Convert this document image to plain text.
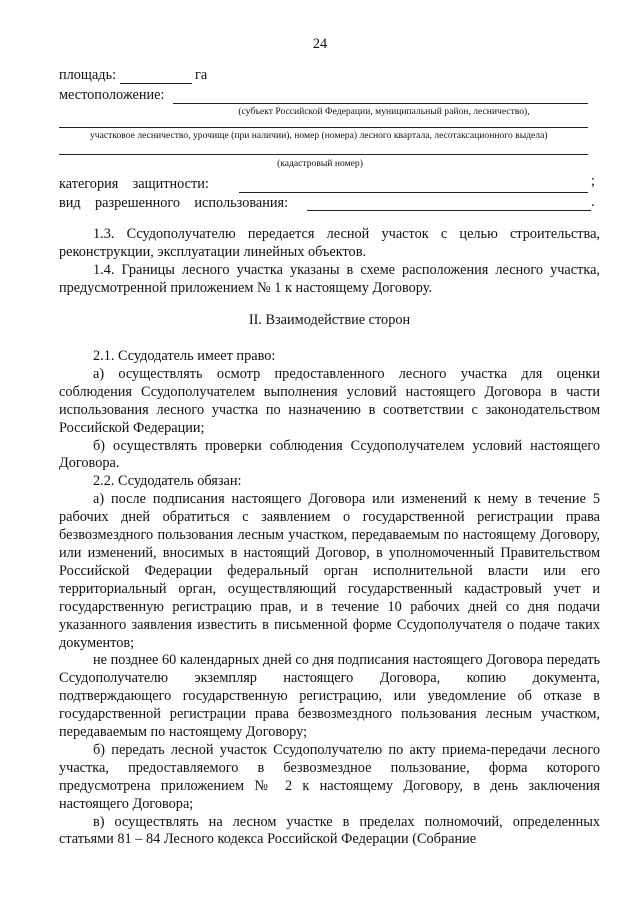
24
площадь:	га
местоположение:
(субъект Российской Федерации, муниципальный район, лесничество),
участковое лесничество, урочище (при наличии), номер (номера) лесного квартала, лесотаксационного выдела)
(кадастровый номер)
категория    защитности:	;
вид    разрешенного    использования:	.

1.3. Ссудополучателю передается лесной участок с целью строительства, реконструкции, эксплуатации линейных объектов.

1.4. Границы лесного участка указаны в схеме расположения лесного участка, предусмотренной приложением № 1 к настоящему Договору.

II. Взаимодействие сторон

2.1. Ссудодатель имеет право:

а) осуществлять осмотр предоставленного лесного участка для оценки соблюдения Ссудополучателем выполнения условий настоящего Договора в части использования лесного участка по назначению в соответствии с законодательством Российской Федерации;

б) осуществлять проверки соблюдения Ссудополучателем условий настоящего Договора.

2.2. Ссудодатель обязан:

а) после подписания настоящего Договора или изменений к нему в течение 5 рабочих дней обратиться с заявлением о государственной регистрации права безвозмездного пользования лесным участком, передаваемым по настоящему Договору, или изменений, вносимых в настоящий Договор, в уполномоченный Правительством Российской Федерации федеральный орган исполнительной власти или его территориальный орган, осуществляющий государственный кадастровый учет и государственную регистрацию прав, и в течение 10 рабочих дней со дня подачи указанного заявления известить в письменной форме Ссудополучателя о подаче таких документов;

не позднее 60 календарных дней со дня подписания настоящего Договора передать Ссудополучателю экземпляр настоящего Договора, копию документа, подтверждающего государственную регистрацию, или уведомление об отказе в государственной регистрации права безвозмездного пользования лесным участком, передаваемым по настоящему Договору;

б) передать лесной участок Ссудополучателю по акту приема-передачи лесного участка, предоставляемого в безвозмездное пользование, форма которого предусмотрена приложением № 2 к настоящему Договору, в день заключения настоящего Договора;

в) осуществлять на лесном участке в пределах полномочий, определенных статьями 81 – 84 Лесного кодекса Российской Федерации (Собрание
